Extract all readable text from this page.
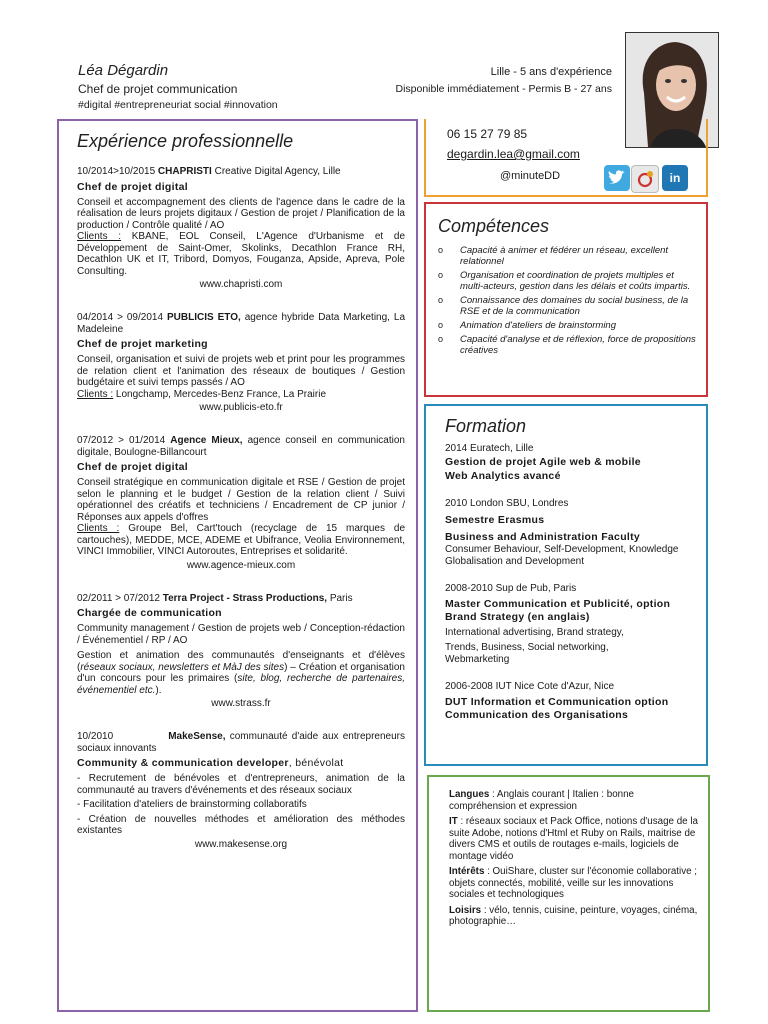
Léa Dégardin
Chef de projet communication
#digital #entrepreneuriat social #innovation
Lille - 5 ans d'expérience
Disponible immédiatement - Permis B - 27 ans
Expérience professionnelle
10/2014>10/2015 CHAPRISTI Creative Digital Agency, Lille
Chef de projet digital
Conseil et accompagnement des clients de l'agence dans le cadre de la réalisation de leurs projets digitaux / Gestion de projet / Planification de la production / Contrôle qualité / AO
Clients : KBANE, EOL Conseil, L'Agence d'Urbanisme et de Développement de Saint-Omer, Skolinks, Decathlon France RH, Decathlon UK et IT, Tribord, Domyos, Fouganza, Apside, Apreva, Pole Consulting.
www.chapristi.com
04/2014 > 09/2014 PUBLICIS ETO, agence hybride Data Marketing, La Madeleine
Chef de projet marketing
Conseil, organisation et suivi de projets web et print pour les programmes de relation client et l'animation des réseaux de boutiques / Gestion budgétaire et suivi temps passés / AO
Clients : Longchamp, Mercedes-Benz France, La Prairie
www.publicis-eto.fr
07/2012 > 01/2014 Agence Mieux, agence conseil en communication digitale, Boulogne-Billancourt
Chef de projet digital
Conseil stratégique en communication digitale et RSE / Gestion de projet selon le planning et le budget / Gestion de la relation client / Suivi opérationnel des créatifs et techniciens / Encadrement de CP junior / Réponses aux appels d'offres
Clients : Groupe Bel, Cart'touch (recyclage de 15 marques de cartouches), MEDDE, MCE, ADEME et Ubifrance, Veolia Environnement, VINCI Immobilier, VINCI Autoroutes, Entreprises et solidarité.
www.agence-mieux.com
02/2011 > 07/2012 Terra Project - Strass Productions, Paris
Chargée de communication
Community management / Gestion de projets web / Conception-rédaction / Événementiel / RP / AO
Gestion et animation des communautés d'enseignants et d'élèves (réseaux sociaux, newsletters et MàJ des sites) – Création et organisation d'un concours pour les primaires (site, blog, recherche de partenaires, événementiel etc.).
www.strass.fr
10/2010	MakeSense, communauté d'aide aux entrepreneurs sociaux innovants
Community & communication developer, bénévolat
- Recrutement de bénévoles et d'entrepreneurs, animation de la communauté au travers d'événements et des réseaux sociaux
- Facilitation d'ateliers de brainstorming collaboratifs
- Création de nouvelles méthodes et amélioration des méthodes existantes
www.makesense.org
06 15 27 79 85
degardin.lea@gmail.com
@minuteDD	in
Compétences
o	Capacité à animer et fédérer un réseau, excellent relationnel
o	Organisation et coordination de projets multiples et multi-acteurs, gestion dans les délais et coûts impartis.
o	Connaissance des domaines du social business, de la RSE et de la communication
o	Animation d'ateliers de brainstorming
o	Capacité d'analyse et de réflexion, force de propositions créatives
Formation
2014 Euratech, Lille
Gestion de projet Agile web & mobile
Web Analytics avancé
2010 London SBU, Londres
Semestre Erasmus
Business and Administration Faculty
Consumer Behaviour, Self-Development, Knowledge Globalisation and Development
2008-2010 Sup de Pub, Paris
Master Communication et Publicité, option Brand Strategy (en anglais)
International advertising, Brand strategy,
Trends, Business, Social networking,
Webmarketing
2006-2008 IUT Nice Cote d'Azur, Nice
DUT Information et Communication option Communication des Organisations

Langues : Anglais courant | Italien : bonne compréhension et expression

IT : réseaux sociaux et Pack Office, notions d'usage de la suite Adobe, notions d'Html et Ruby on Rails, maitrise de divers CMS et outils de routages e-mails, logiciels de montage vidéo

Intérêts : OuiShare, cluster sur l'économie collaborative ; objets connectés, mobilité, veille sur les innovations sociales et technologiques

Loisirs : vélo, tennis, cuisine, peinture, voyages, cinéma, photographie…
